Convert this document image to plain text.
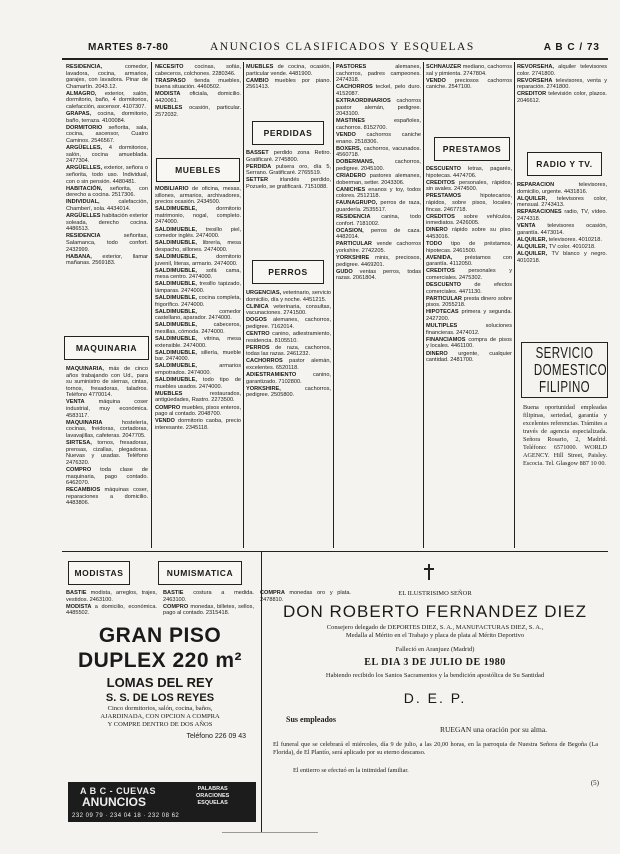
MARTES 8-7-80	ANUNCIOS CLASIFICADOS Y ESQUELAS	A B C / 73

RESIDENCIA, comedor, lavadora, cocina, armarios, garajes, con lavadora. Pinar de Chamartín. 2043.12.

ALMAGRO, exterior, salón, dormitorio, baño, 4 dormitorios, calefacción, ascensor. 4107307.

GRAPAS, cocina, dormitorio, baño, terraza. 4100084.

DORMITORIO señorita, sala, cocina, ascensor, Cuatro Caminos. 2546567.

ARGÜELLES, 4 dormitorios, salón, cocina amueblada. 2477304.

ARGÜELLES, exterior, señora o señorita, todo uso. Individual, con o sin pensión. 4480481.

HABITACIÓN, señorita, con derecho a cocina. 2517306.

INDIVIDUAL, calefacción, Chamberí, sola. 4434014.

ARGÜELLES habitación exterior soleada, derecho cocina. 4486513.

RESIDENCIA señoritas, Salamanca, todo confort. 2432999.

HABANA, exterior, llamar mañanas. 2569183.

MAQUINARIA

MAQUINARIA, más de cinco años trabajando con Ud., para su suministro de sierras, cintas, tornos, fresadoras, taladros. Teléfono 4770014.

VENTA máquina coser industrial, muy económica. 4583117.

MAQUINARIA hostelería, cocinas, freidoras, cortadoras, lavavajillas, cafeteras. 2047705.

SIRTESA, tornos, fresadoras, prensas, cizallas, plegadoras. Nuevas y usadas. Teléfono 2476320.

COMPRO toda clase de maquinaria, pago contado. 6462070.

RECAMBIOS máquinas coser, reparaciones a domicilio. 4483806.

NECESITO cocinas, sofás, cabeceros, colchones. 2280346.

TRASPASO tienda muebles, buena situación. 4460502.

MODISTA oficiala, domicilio. 4420061.

MUEBLES ocasión, particular. 2572032.

MUEBLES

MOBILIARIO de oficina, mesas, sillones, armarios, archivadores, precios ocasión. 2434500.

SALDIMUEBLE, dormitorio matrimonio, nogal, completo. 2474000.

SALDIMUEBLE, tresillo piel, comedor inglés. 2474000.

SALDIMUEBLE, librería, mesa despacho, sillones. 2474000.

SALDIMUEBLE, dormitorio juvenil, literas, armario. 2474000.

SALDIMUEBLE, sofá cama, mesa centro. 2474000.

SALDIMUEBLE, tresillo tapizado, lámparas. 2474000.

SALDIMUEBLE, cocina completa, frigorífico. 2474000.

SALDIMUEBLE, comedor castellano, aparador. 2474000.

SALDIMUEBLE, cabeceros, mesillas, cómoda. 2474000.

SALDIMUEBLE, vitrina, mesa extensible. 2474000.

SALDIMUEBLE, sillería, mueble bar. 2474000.

SALDIMUEBLE, armarios empotrados. 2474000.

SALDIMUEBLE, todo tipo de muebles usados. 2474000.

MUEBLES restaurados, antigüedades, Rastro. 2273500.

COMPRO muebles, pisos enteros, pago al contado. 2048700.

VENDO dormitorio caoba, precio interesante. 2345118.

MUEBLES de cocina, ocasión, particular vende. 4481900.

CAMBIO muebles por piano. 2561413.

PERDIDAS

BASSET perdido zona Retiro. Gratificaré. 2745800.

PERDIDA pulsera oro, día 5, Serrano. Gratificaré. 2765519.

SETTER irlandés perdido, Pozuelo, se gratificará. 7151088.

PERROS

URGENCIAS, veterinario, servicio domicilio, día y noche. 4451215.

CLINICA veterinaria, consultas, vacunaciones. 2741500.

DOGOS alemanes, cachorros, pedigree. 7162014.

CENTRO canino, adiestramiento, residencia. 8105510.

PERROS de raza, cachorros, todas las razas. 2461232.

CACHORROS pastor alemán, excelentes. 6520118.

ADIESTRAMIENTO canino, garantizado. 7102800.

YORKSHIRE, cachorros, pedigree. 2505800.

PASTORES alemanes, cachorros, padres campeones. 2474318.

CACHORROS teckel, pelo duro. 4152087.

EXTRAORDINARIOS cachorros pastor alemán, pedigree. 2043100.

MASTINES españoles, cachorros. 8152700.

VENDO cachorros caniche enano. 2518306.

BOXERS, cachorros, vacunados. 4560718.

DOBERMANS, cachorros, pedigree. 2045100.

CRIADERO pastores alemanes, doberman, setter. 2043306.

CANICHES enanos y toy, todos colores. 2512118.

FAUNAGRUPO, perros de raza, guardería. 2535517.

RESIDENCIA canina, todo confort. 7181002.

OCASION, perros de caza. 4482014.

PARTICULAR vende cachorros yorkshire. 2742205.

YORKSHIRE minis, preciosos, pedigree. 4469201.

GUDO ventas perros, todas razas. 2061804.

SCHNAUZER mediano, cachorros sal y pimienta. 2747804.

VENDO preciosos cachorros caniche. 2547100.

PRESTAMOS

DESCUENTO letras, pagarés, hipotecas. 4474706.

CREDITOS personales, rápidos, sin avales. 2474500.

PRESTAMOS hipotecarios, rápidos, sobre pisos, locales, fincas. 2467718.

CREDITOS sobre vehículos, inmediatos. 2426005.

DINERO rápido sobre su piso. 4453016.

TODO tipo de préstamos, hipotecas. 2461500.

AVENIDA, préstamos con garantía. 4112050.

CREDITOS personales y comerciales. 2475302.

DESCUENTO de efectos comerciales. 4471130.

PARTICULAR presta dinero sobre pisos. 2055218.

HIPOTECAS primera y segunda. 2427200.

MULTIPLES soluciones financieras. 2474012.

FINANCIAMOS compra de pisos y locales. 4461100.

DINERO urgente, cualquier cantidad. 2481700.

REVORSEHA, alquiler televisores color. 2741800.

REVORSEHA televisores, venta y reparación. 2741800.

CREDITOR televisión color, plazos. 2046612.

RADIO Y TV.

REPARACION televisores, domicilio, urgente. 4431816.

ALQUILER, televisores color, mensual. 2743413.

REPARACIONES radio, TV, vídeo. 2474318.

VENTA televisores ocasión, garantía. 4473014.

ALQUILER, televisores. 4010218.

ALQUILER, TV color. 4010218.

ALQUILER, TV blanco y negro. 4010218.

SERVICIO
DOMESTICO
FILIPINO
Buena oportunidad empleadas filipinas, seriedad, garantía y excelentes referencias. Trámites a través de agencia especializada. Señora Rosario, 2, Madrid. Teléfono: 6571000. WORLD AGENCY. Hill Street, Paisley. Escocia. Tel. Glasgow 887 10 00.
MODISTAS	NUMISMATICA

BASTIE modista, arreglos, trajes, vestidos. 2463100.

MODISTA a domicilio, económica. 4485502.

BASTIE costura a medida. 2463100.

COMPRO monedas, billetes, sellos, pago al contado. 2315418.

COMPRA monedas oro y plata. 2478810.

GRAN PISO
DUPLEX 220 m²
LOMAS DEL REY
S. S. DE LOS REYES
Cinco dormitorios, salón, cocina, baños,
AJARDINADA, CON OPCION A COMPRA
Y COMPRE DENTRO DE DOS AÑOS
Teléfono 226 09 43
A B C - CUEVAS
ANUNCIOS
PALABRAS
ORACIONES
ESQUELAS
232 09 79 · 234 04 18 · 232 08 62
EL ILUSTRISIMO SEÑOR
DON ROBERTO FERNANDEZ DIEZ
Consejero delegado de DEPORTES DIEZ, S. A., MANUFACTURAS DIEZ, S. A.,
Medalla al Mérito en el Trabajo y placa de plata al Mérito Deportivo
Falleció en Aranjuez (Madrid)
EL DIA 3 DE JULIO DE 1980
Habiendo recibido los Santos Sacramentos y la bendición apostólica de Su Santidad
D. E. P.
Sus empleados
RUEGAN una oración por su alma.
El funeral que se celebrará el miércoles, día 9 de julio, a las 20,00 horas, en la parroquia de Nuestra Señora de Begoña (La Florida), de El Plantío, será aplicado por su eterno descanso.
El entierro se efectuó en la intimidad familiar.
(5)
